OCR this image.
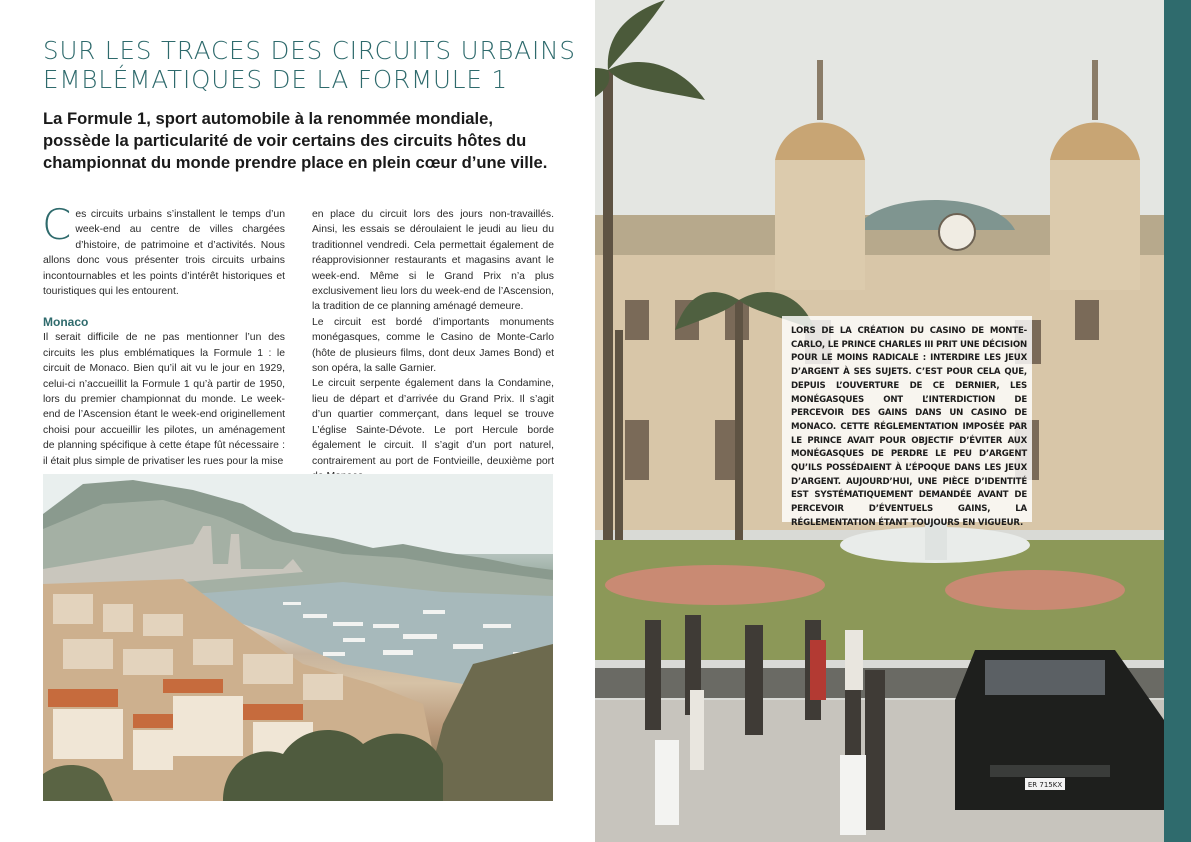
SUR LES TRACES DES CIRCUITS URBAINS
EMBLÉMATIQUES DE LA FORMULE 1

La Formule 1, sport automobile à la renommée mondiale, possède la particularité de voir certains des circuits hôtes du championnat du monde prendre place en plein cœur d’une ville.

Ces circuits urbains s’installent le temps d’un week-end au centre de villes chargées d’histoire, de patrimoine et d’activités. Nous allons donc vous présenter trois circuits urbains incontournables et les points d’intérêt historiques et touristiques qui les entourent.

Monaco

Il serait difficile de ne pas mentionner l’un des circuits les plus emblématiques la Formule 1 : le circuit de Monaco. Bien qu’il ait vu le jour en 1929, celui-ci n’accueillit la Formule 1 qu’à partir de 1950, lors du premier championnat du monde. Le week-end de l’Ascension étant le week-end originellement choisi pour accueillir les pilotes, un aménagement de planning spécifique à cette étape fût nécessaire : il était plus simple de privatiser les rues pour la mise

en place du circuit lors des jours non-travaillés. Ainsi, les essais se déroulaient le jeudi au lieu du traditionnel vendredi. Cela permettait également de réapprovisionner restaurants et magasins avant le week-end. Même si le Grand Prix n’a plus exclusivement lieu lors du week-end de l’Ascension, la tradition de ce planning aménagé demeure.

Le circuit est bordé d’importants monuments monégasques, comme le Casino de Monte-Carlo (hôte de plusieurs films, dont deux James Bond) et son opéra, la salle Garnier.

Le circuit serpente également dans la Condamine, lieu de départ et d’arrivée du Grand Prix. Il s’agit d’un quartier commerçant, dans lequel se trouve L’église Sainte-Dévote. Le port Hercule borde également le circuit. Il s’agit d’un port naturel, contrairement au port de Fontvieille, deuxième port

ER 715KX

LORS DE LA CRÉATION DU CASINO DE MONTE-CARLO, LE PRINCE CHARLES III PRIT UNE DÉCISION POUR LE MOINS RADICALE : INTERDIRE LES JEUX D’ARGENT À SES SUJETS. C’EST POUR CELA QUE, DEPUIS L’OUVERTURE DE CE DERNIER, LES MONÉGASQUES ONT L’INTERDICTION DE PERCEVOIR DES GAINS DANS UN CASINO DE MONACO. CETTE RÉGLEMENTATION IMPOSÉE PAR LE PRINCE AVAIT POUR OBJECTIF D’ÉVITER AUX MONÉGASQUES DE PERDRE LE PEU D’ARGENT QU’ILS POSSÉDAIENT À L’ÉPOQUE DANS LES JEUX D’ARGENT. AUJOURD’HUI, UNE PIÈCE D’IDENTITÉ EST SYSTÉMATIQUEMENT DEMANDÉE AVANT DE PERCEVOIR D’ÉVENTUELS GAINS, LA RÉGLEMENTATION ÉTANT TOUJOURS EN VIGUEUR.
